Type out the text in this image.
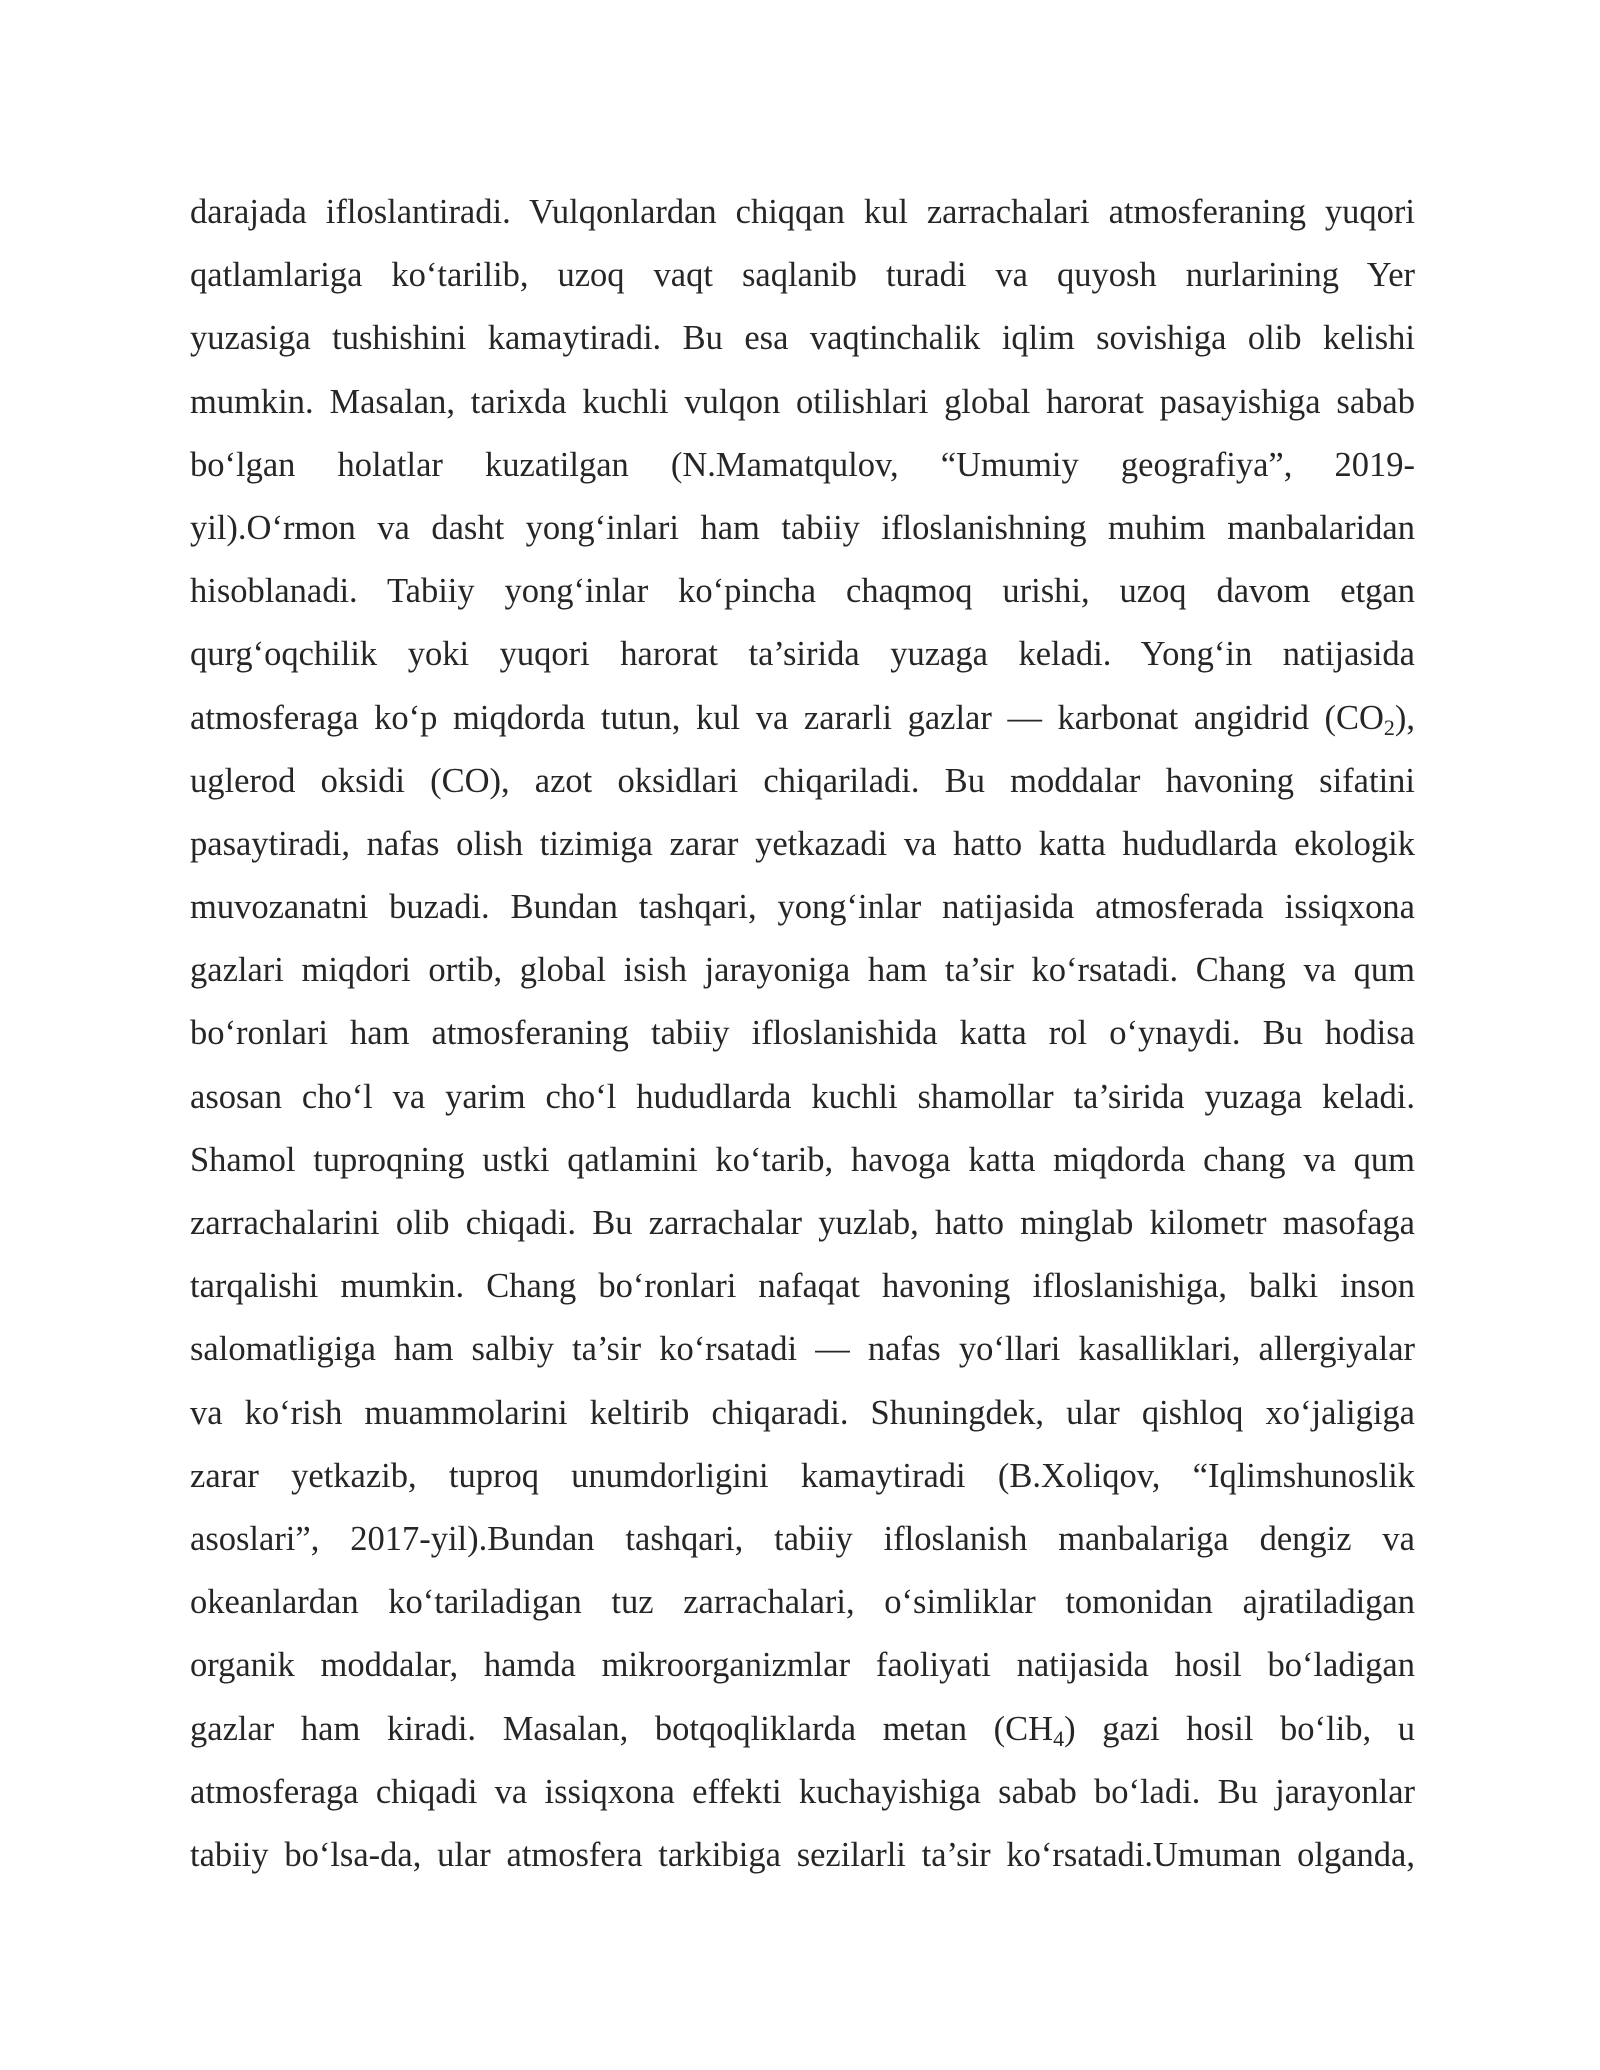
darajada ifloslantiradi. Vulqonlardan chiqqan kul zarrachalari atmosferaning yuqori
qatlamlariga ko‘tarilib, uzoq vaqt saqlanib turadi va quyosh nurlarining Yer
yuzasiga tushishini kamaytiradi. Bu esa vaqtinchalik iqlim sovishiga olib kelishi
mumkin. Masalan, tarixda kuchli vulqon otilishlari global harorat pasayishiga sabab
bo‘lgan holatlar kuzatilgan (N.Mamatqulov, “Umumiy geografiya”, 2019-
yil).O‘rmon va dasht yong‘inlari ham tabiiy ifloslanishning muhim manbalaridan
hisoblanadi. Tabiiy yong‘inlar ko‘pincha chaqmoq urishi, uzoq davom etgan
qurg‘oqchilik yoki yuqori harorat ta’sirida yuzaga keladi. Yong‘in natijasida
atmosferaga ko‘p miqdorda tutun, kul va zararli gazlar — karbonat angidrid $(CO_2)$,
uglerod oksidi (CO), azot oksidlari chiqariladi. Bu moddalar havoning sifatini
pasaytiradi, nafas olish tizimiga zarar yetkazadi va hatto katta hududlarda ekologik
muvozanatni buzadi. Bundan tashqari, yong‘inlar natijasida atmosferada issiqxona
gazlari miqdori ortib, global isish jarayoniga ham ta’sir ko‘rsatadi. Chang va qum
bo‘ronlari ham atmosferaning tabiiy ifloslanishida katta rol o‘ynaydi. Bu hodisa
asosan cho‘l va yarim cho‘l hududlarda kuchli shamollar ta’sirida yuzaga keladi.
Shamol tuproqning ustki qatlamini ko‘tarib, havoga katta miqdorda chang va qum
zarrachalarini olib chiqadi. Bu zarrachalar yuzlab, hatto minglab kilometr masofaga
tarqalishi mumkin. Chang bo‘ronlari nafaqat havoning ifloslanishiga, balki inson
salomatligiga ham salbiy ta’sir ko‘rsatadi — nafas yo‘llari kasalliklari, allergiyalar
va ko‘rish muammolarini keltirib chiqaradi. Shuningdek, ular qishloq xo‘jaligiga
zarar yetkazib, tuproq unumdorligini kamaytiradi (B.Xoliqov, “Iqlimshunoslik
asoslari”, 2017-yil).Bundan tashqari, tabiiy ifloslanish manbalariga dengiz va
okeanlardan ko‘tariladigan tuz zarrachalari, o‘simliklar tomonidan ajratiladigan
organik moddalar, hamda mikroorganizmlar faoliyati natijasida hosil bo‘ladigan
gazlar ham kiradi. Masalan, botqoqliklarda metan $(CH_4)$ gazi hosil bo‘lib, u
atmosferaga chiqadi va issiqxona effekti kuchayishiga sabab bo‘ladi. Bu jarayonlar
tabiiy bo‘lsa-da, ular atmosfera tarkibiga sezilarli ta’sir ko‘rsatadi.Umuman olganda,
